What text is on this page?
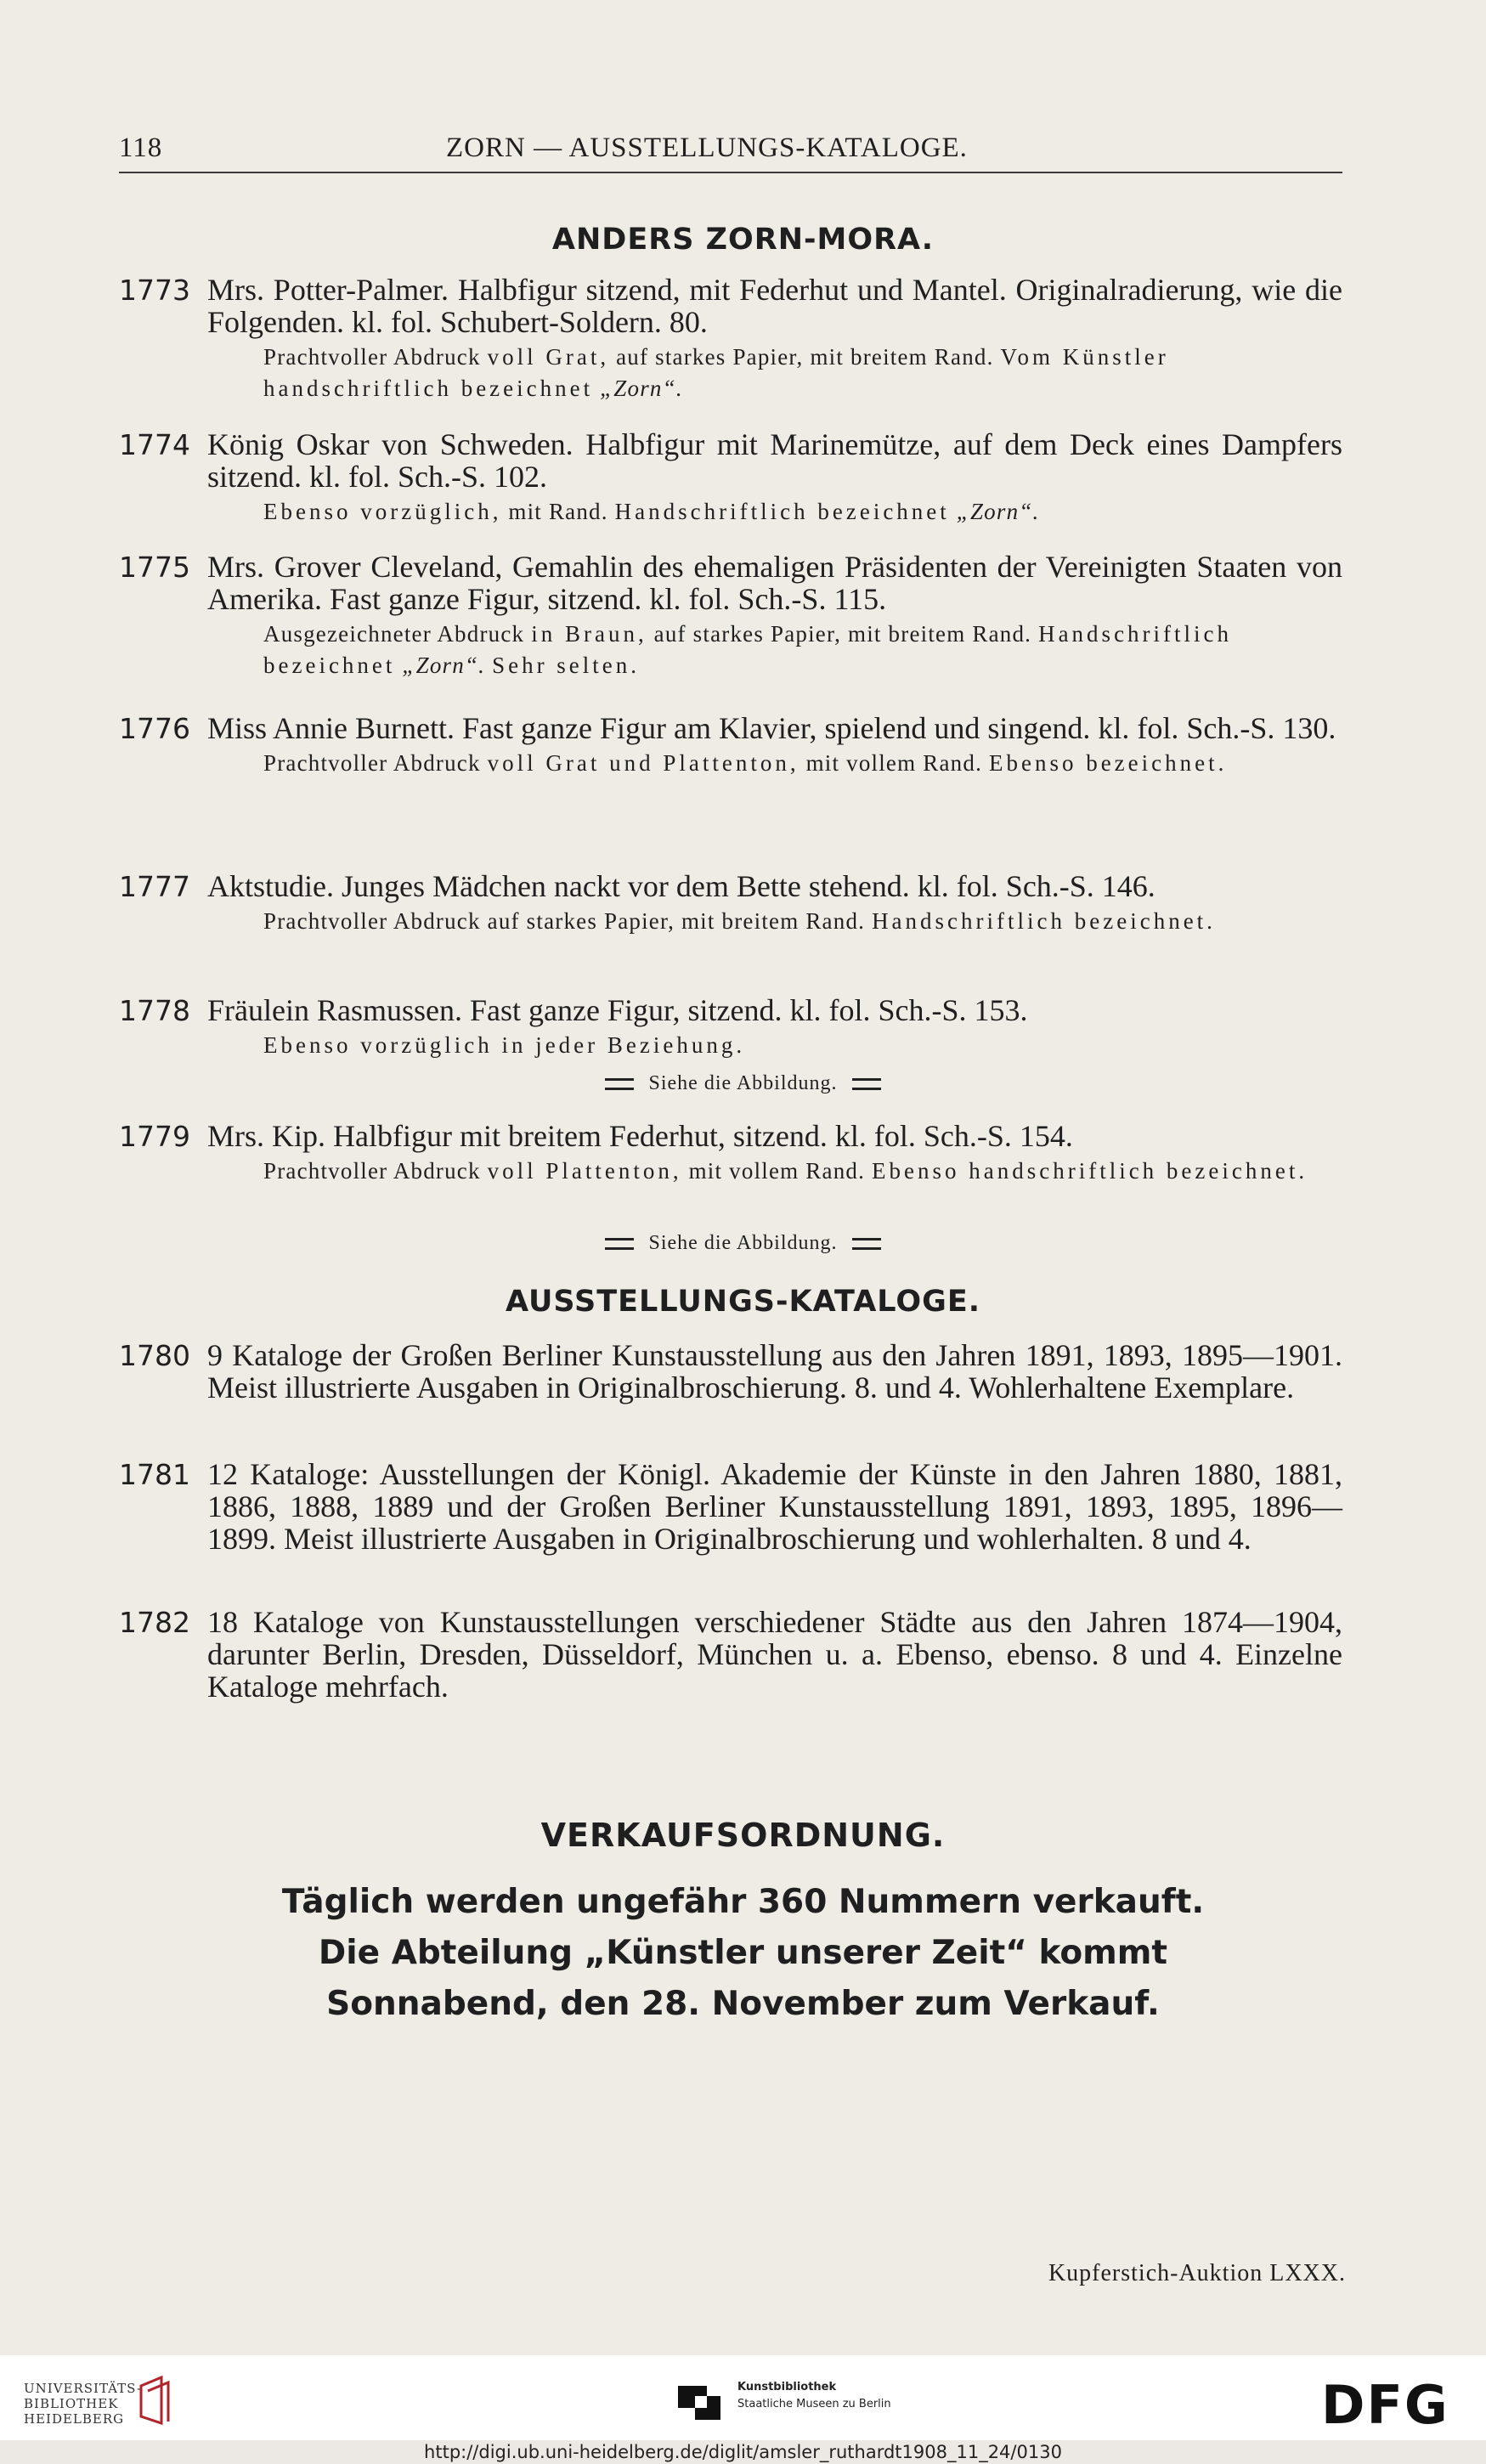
118	ZORN — AUSSTELLUNGS-KATALOGE.
ANDERS ZORN-MORA.
1773 Mrs. Potter-Palmer. Halbfigur sitzend, mit Federhut und Mantel. Originalradierung, wie die Folgenden. kl. fol. Schubert-Soldern. 80.
Prachtvoller Abdruck voll Grat, auf starkes Papier, mit breitem Rand. Vom Künstler handschriftlich bezeichnet „Zorn“.
1774 König Oskar von Schweden. Halbfigur mit Marinemütze, auf dem Deck eines Dampfers sitzend. kl. fol. Sch.-S. 102.
Ebenso vorzüglich, mit Rand. Handschriftlich bezeichnet „Zorn“.
1775 Mrs. Grover Cleveland, Gemahlin des ehemaligen Präsidenten der Vereinigten Staaten von Amerika. Fast ganze Figur, sitzend. kl. fol. Sch.-S. 115.
Ausgezeichneter Abdruck in Braun, auf starkes Papier, mit breitem Rand. Handschriftlich bezeichnet „Zorn“. Sehr selten.
1776 Miss Annie Burnett. Fast ganze Figur am Klavier, spielend und singend. kl. fol. Sch.-S. 130.
Prachtvoller Abdruck voll Grat und Plattenton, mit vollem Rand. Ebenso bezeichnet.
1777 Aktstudie. Junges Mädchen nackt vor dem Bette stehend. kl. fol. Sch.-S. 146.
Prachtvoller Abdruck auf starkes Papier, mit breitem Rand. Handschriftlich bezeichnet.
1778 Fräulein Rasmussen. Fast ganze Figur, sitzend. kl. fol. Sch.-S. 153.
Ebenso vorzüglich in jeder Beziehung.
Siehe die Abbildung.
1779 Mrs. Kip. Halbfigur mit breitem Federhut, sitzend. kl. fol. Sch.-S. 154.
Prachtvoller Abdruck voll Plattenton, mit vollem Rand. Ebenso handschriftlich bezeichnet.
Siehe die Abbildung.
AUSSTELLUNGS-KATALOGE.
1780 9 Kataloge der Großen Berliner Kunstausstellung aus den Jahren 1891, 1893, 1895—1901. Meist illustrierte Ausgaben in Originalbroschierung. 8. und 4. Wohlerhaltene Exemplare.
1781 12 Kataloge: Ausstellungen der Königl. Akademie der Künste in den Jahren 1880, 1881, 1886, 1888, 1889 und der Großen Berliner Kunstausstellung 1891, 1893, 1895, 1896—1899. Meist illustrierte Ausgaben in Originalbroschierung und wohlerhalten. 8 und 4.
1782 18 Kataloge von Kunstausstellungen verschiedener Städte aus den Jahren 1874—1904, darunter Berlin, Dresden, Düsseldorf, München u. a. Ebenso, ebenso. 8 und 4. Einzelne Kataloge mehrfach.
VERKAUFSORDNUNG.
Täglich werden ungefähr 360 Nummern verkauft.
Die Abteilung „Künstler unserer Zeit“ kommt
Sonnabend, den 28. November zum Verkauf.
Kupferstich-Auktion LXXX.
UNIVERSITÄTS-
BIBLIOTHEK
HEIDELBERG
Kunstbibliothek
Staatliche Museen zu Berlin	DFG
http://digi.ub.uni-heidelberg.de/diglit/amsler_ruthardt1908_11_24/0130
